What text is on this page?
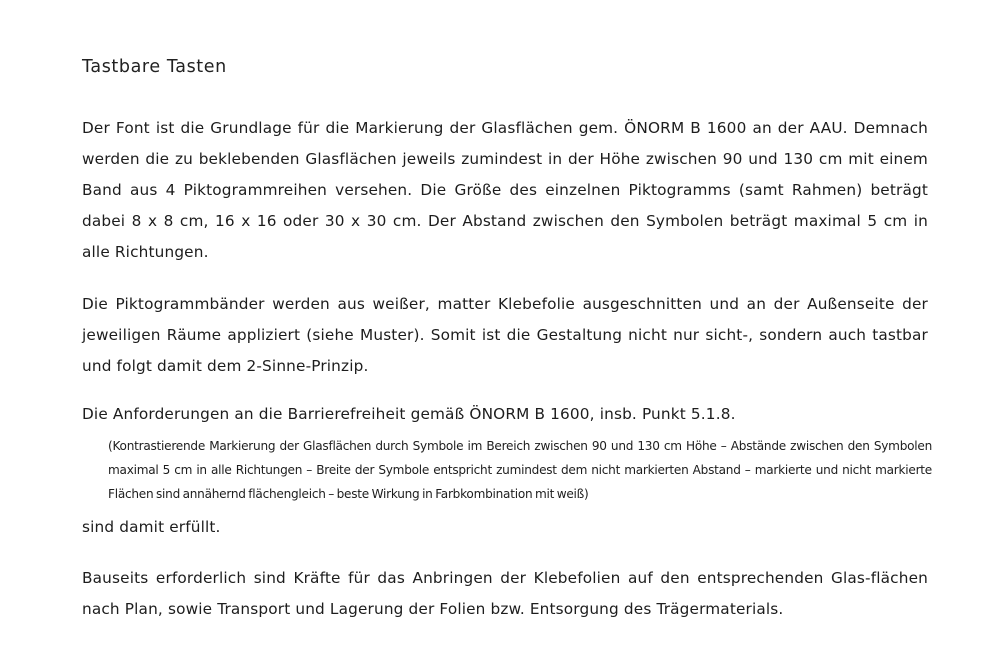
Tastbare Tasten

Der Font ist die Grundlage für die Markierung der Glasflächen gem. ÖNORM B 1600 an der AAU. Demnach werden die zu beklebenden Glasflächen jeweils zumindest in der Höhe zwischen 90 und 130 cm mit einem Band aus 4 Piktogrammreihen versehen. Die Größe des einzelnen Piktogramms (samt Rahmen) beträgt dabei 8 x 8 cm, 16 x 16 oder 30 x 30 cm. Der Abstand zwischen den Symbolen beträgt maximal 5 cm in alle Richtungen.

Die Piktogrammbänder werden aus weißer, matter Klebefolie ausgeschnitten und an der Außenseite der jeweiligen Räume appliziert (siehe Muster). Somit ist die Gestaltung nicht nur sicht-, sondern auch tastbar und folgt damit dem 2-Sinne-Prinzip.

Die Anforderungen an die Barrierefreiheit gemäß ÖNORM B 1600, insb. Punkt 5.1.8.

(Kontrastierende Markierung der Glasflächen durch Symbole im Bereich zwischen 90 und 130 cm Höhe – Abstände zwischen den Symbolen maximal 5 cm in alle Richtungen – Breite der Symbole entspricht zumindest dem nicht markierten Abstand – markierte und nicht markierte Flächen sind annähernd flächengleich – beste Wirkung in Farbkombination mit weiß)

sind damit erfüllt.

Bauseits erforderlich sind Kräfte für das Anbringen der Klebefolien auf den entsprechenden Glas-flächen nach Plan, sowie Transport und Lagerung der Folien bzw. Entsorgung des Trägermaterials.
